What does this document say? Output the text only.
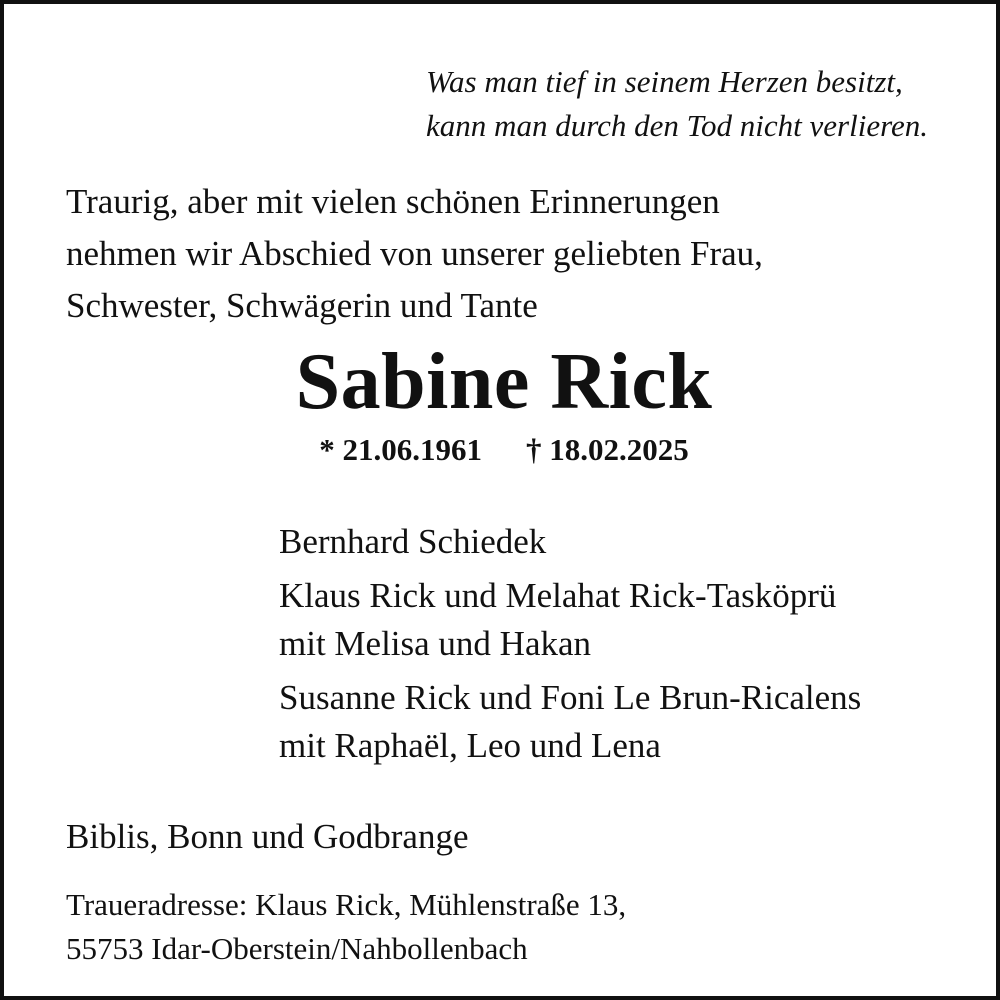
Was man tief in seinem Herzen besitzt,
kann man durch den Tod nicht verlieren.
Traurig, aber mit vielen schönen Erinnerungen
nehmen wir Abschied von unserer geliebten Frau,
Schwester, Schwägerin und Tante
Sabine Rick
* 21.06.1961 † 18.02.2025
Bernhard Schiedek
Klaus Rick und Melahat Rick-Tasköprü
mit Melisa und Hakan
Susanne Rick und Foni Le Brun-Ricalens
mit Raphaël, Leo und Lena
Biblis, Bonn und Godbrange
Traueradresse: Klaus Rick, Mühlenstraße 13,
55753 Idar-Oberstein/Nahbollenbach
